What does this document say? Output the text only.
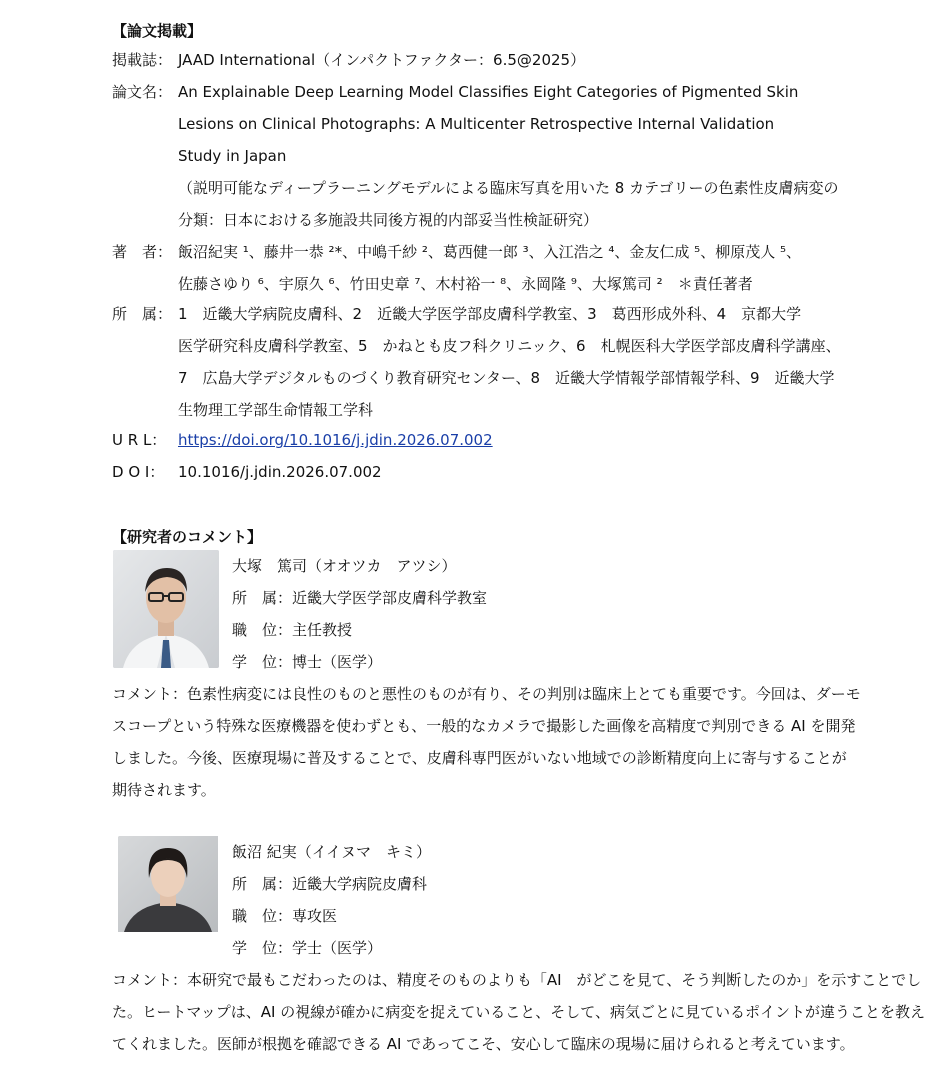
【論文掲載】
掲載誌： JAAD International（インパクトファクター：6.5@2025）
論文名： An Explainable Deep Learning Model Classifies Eight Categories of Pigmented Skin
Lesions on Clinical Photographs: A Multicenter Retrospective Internal Validation
Study in Japan
（説明可能なディープラーニングモデルによる臨床写真を用いた 8 カテゴリーの色素性皮膚病変の
分類：日本における多施設共同後方視的内部妥当性検証研究）
著　者： 飯沼紀実 ¹、藤井一恭 ²*、中嶋千紗 ²、葛西健一郎 ³、入江浩之 ⁴、金友仁成 ⁵、柳原茂人 ⁵、
佐藤さゆり ⁶、宇原久 ⁶、竹田史章 ⁷、木村裕一 ⁸、永岡隆 ⁹、大塚篤司 ²　＊責任著者
所　属： 1　近畿大学病院皮膚科、2　近畿大学医学部皮膚科学教室、3　葛西形成外科、4　京都大学
医学研究科皮膚科学教室、5　かねとも皮フ科クリニック、6　札幌医科大学医学部皮膚科学講座、
7　広島大学デジタルものづくり教育研究センター、8　近畿大学情報学部情報学科、9　近畿大学
生物理工学部生命情報工学科
U R L： https://doi.org/10.1016/j.jdin.2026.07.002
D O I： 10.1016/j.jdin.2026.07.002
【研究者のコメント】
大塚　篤司（オオツカ　アツシ）
所　属：近畿大学医学部皮膚科学教室
職　位：主任教授
学　位：博士（医学）
コメント：色素性病変には良性のものと悪性のものが有り、その判別は臨床上とても重要です。今回は、ダーモ
スコープという特殊な医療機器を使わずとも、一般的なカメラで撮影した画像を高精度で判別できる AI を開発
しました。今後、医療現場に普及することで、皮膚科専門医がいない地域での診断精度向上に寄与することが
期待されます。
飯沼 紀実（イイヌマ　キミ）
所　属：近畿大学病院皮膚科
職　位：専攻医
学　位：学士（医学）
コメント：本研究で最もこだわったのは、精度そのものよりも「AI　がどこを見て、そう判断したのか」を示すことでし
た。ヒートマップは、AI の視線が確かに病変を捉えていること、そして、病気ごとに見ているポイントが違うことを教え
てくれました。医師が根拠を確認できる AI であってこそ、安心して臨床の現場に届けられると考えています。
